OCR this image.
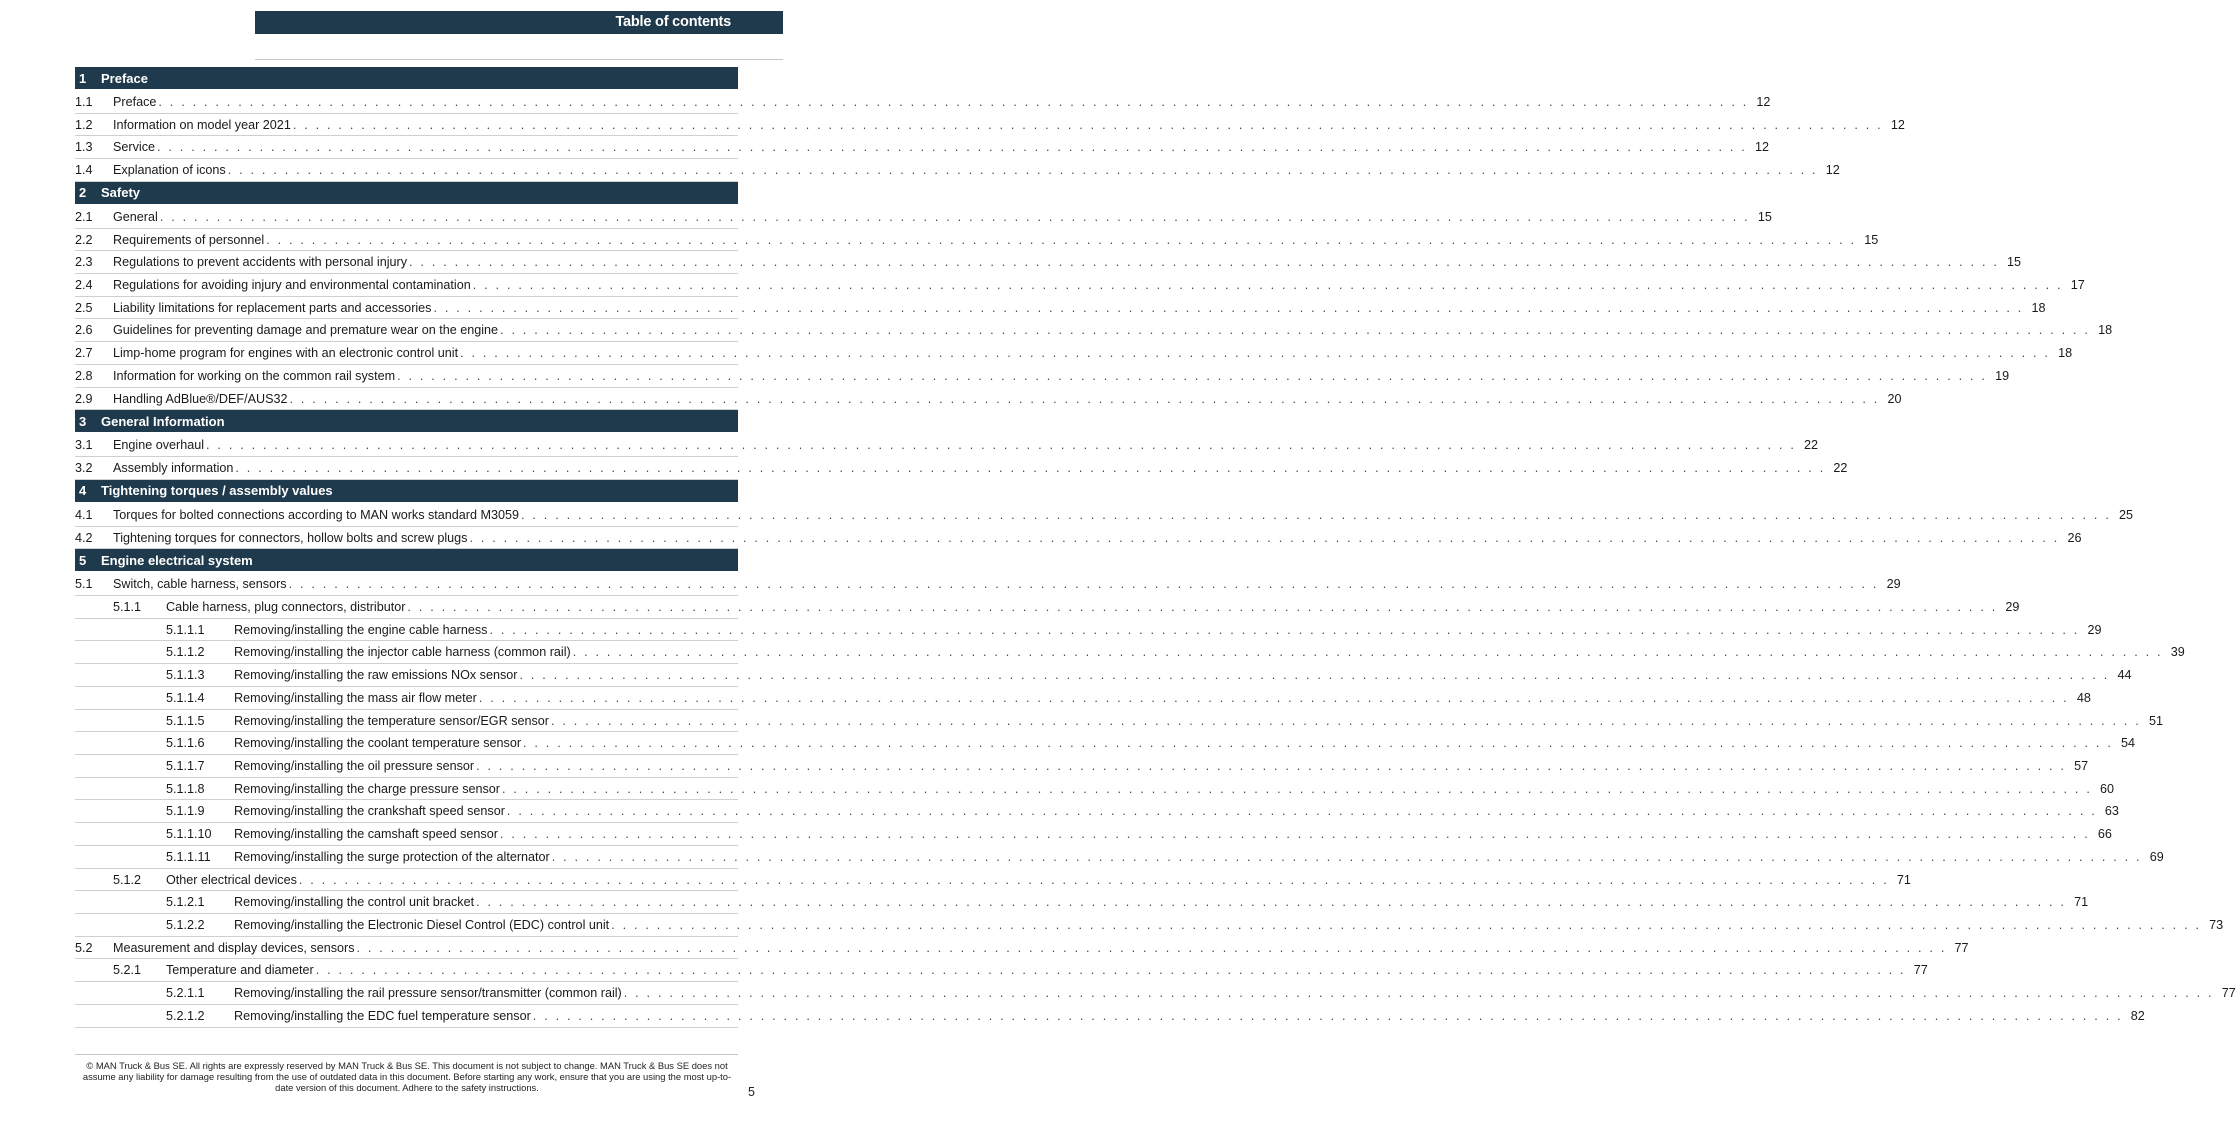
Table of contents
1	Preface
1.1 Preface . . . . . . . . . . . . . . . . . . . . . . . . . . . . . . . . . . . . . . . . . . . . . . . . . . . . . . . . . . . . . . . . . . . . . . . . . . . . . . . . . . . . . . . . . . . . . . . . . . . . . . . . . . . . . . . . . . . . . . . . . . . . . . . . . . . . . . . . . . . . 12
1.2 Information on model year 2021 . . . . . . . . . . . . . . . . . . . . . . . . . . . . . . . . . . . . . . . . . . . . . . . . . . . . . . . . . . . . . . . . . . . . . . . . . . . . . . . . . . . . . . . . . . . . . . . . . . . . . . . . . . . . . . . . . . . . . . . . . . . . . . . . . . . . . . . . . . . . 12
1.3 Service . . . . . . . . . . . . . . . . . . . . . . . . . . . . . . . . . . . . . . . . . . . . . . . . . . . . . . . . . . . . . . . . . . . . . . . . . . . . . . . . . . . . . . . . . . . . . . . . . . . . . . . . . . . . . . . . . . . . . . . . . . . . . . . . . . . . . . . . . . . . 12
1.4 Explanation of icons . . . . . . . . . . . . . . . . . . . . . . . . . . . . . . . . . . . . . . . . . . . . . . . . . . . . . . . . . . . . . . . . . . . . . . . . . . . . . . . . . . . . . . . . . . . . . . . . . . . . . . . . . . . . . . . . . . . . . . . . . . . . . . . . . . . . . . . . . . . . 12
2	Safety
2.1 General . . . . . . . . . . . . . . . . . . . . . . . . . . . . . . . . . . . . . . . . . . . . . . . . . . . . . . . . . . . . . . . . . . . . . . . . . . . . . . . . . . . . . . . . . . . . . . . . . . . . . . . . . . . . . . . . . . . . . . . . . . . . . . . . . . . . . . . . . . . . 15
2.2 Requirements of personnel . . . . . . . . . . . . . . . . . . . . . . . . . . . . . . . . . . . . . . . . . . . . . . . . . . . . . . . . . . . . . . . . . . . . . . . . . . . . . . . . . . . . . . . . . . . . . . . . . . . . . . . . . . . . . . . . . . . . . . . . . . . . . . . . . . . . . . . . . . . . 15
2.3 Regulations to prevent accidents with personal injury . . . . . . . . . . . . . . . . . . . . . . . . . . . . . . . . . . . . . . . . . . . . . . . . . . . . . . . . . . . . . . . . . . . . . . . . . . . . . . . . . . . . . . . . . . . . . . . . . . . . . . . . . . . . . . . . . . . . . . . . . . . . . . . . . . . . . . . . . . . . 15
2.4 Regulations for avoiding injury and environmental contamination . . . . . . . . . . . . . . . . . . . . . . . . . . . . . . . . . . . . . . . . . . . . . . . . . . . . . . . . . . . . . . . . . . . . . . . . . . . . . . . . . . . . . . . . . . . . . . . . . . . . . . . . . . . . . . . . . . . . . . . . . . . . . . . . . . . . . . . . . . . . 17
2.5 Liability limitations for replacement parts and accessories . . . . . . . . . . . . . . . . . . . . . . . . . . . . . . . . . . . . . . . . . . . . . . . . . . . . . . . . . . . . . . . . . . . . . . . . . . . . . . . . . . . . . . . . . . . . . . . . . . . . . . . . . . . . . . . . . . . . . . . . . . . . . . . . . . . . . . . . . . . . 18
2.6 Guidelines for preventing damage and premature wear on the engine . . . . . . . . . . . . . . . . . . . . . . . . . . . . . . . . . . . . . . . . . . . . . . . . . . . . . . . . . . . . . . . . . . . . . . . . . . . . . . . . . . . . . . . . . . . . . . . . . . . . . . . . . . . . . . . . . . . . . . . . . . . . . . . . . . . . . . . . . . . . 18
2.7 Limp-home program for engines with an electronic control unit . . . . . . . . . . . . . . . . . . . . . . . . . . . . . . . . . . . . . . . . . . . . . . . . . . . . . . . . . . . . . . . . . . . . . . . . . . . . . . . . . . . . . . . . . . . . . . . . . . . . . . . . . . . . . . . . . . . . . . . . . . . . . . . . . . . . . . . . . . . . 18
2.8 Information for working on the common rail system . . . . . . . . . . . . . . . . . . . . . . . . . . . . . . . . . . . . . . . . . . . . . . . . . . . . . . . . . . . . . . . . . . . . . . . . . . . . . . . . . . . . . . . . . . . . . . . . . . . . . . . . . . . . . . . . . . . . . . . . . . . . . . . . . . . . . . . . . . . . 19
2.9 Handling AdBlue®/DEF/AUS32 . . . . . . . . . . . . . . . . . . . . . . . . . . . . . . . . . . . . . . . . . . . . . . . . . . . . . . . . . . . . . . . . . . . . . . . . . . . . . . . . . . . . . . . . . . . . . . . . . . . . . . . . . . . . . . . . . . . . . . . . . . . . . . . . . . . . . . . . . . . . 20
3	General Information
3.1 Engine overhaul . . . . . . . . . . . . . . . . . . . . . . . . . . . . . . . . . . . . . . . . . . . . . . . . . . . . . . . . . . . . . . . . . . . . . . . . . . . . . . . . . . . . . . . . . . . . . . . . . . . . . . . . . . . . . . . . . . . . . . . . . . . . . . . . . . . . . . . . . . . . 22
3.2 Assembly information . . . . . . . . . . . . . . . . . . . . . . . . . . . . . . . . . . . . . . . . . . . . . . . . . . . . . . . . . . . . . . . . . . . . . . . . . . . . . . . . . . . . . . . . . . . . . . . . . . . . . . . . . . . . . . . . . . . . . . . . . . . . . . . . . . . . . . . . . . . . 22
4	Tightening torques / assembly values
4.1 Torques for bolted connections according to MAN works standard M3059 . . . . . . . . . . . . . . . . . . . . . . . . . . . . . . . . . . . . . . . . . . . . . . . . . . . . . . . . . . . . . . . . . . . . . . . . . . . . . . . . . . . . . . . . . . . . . . . . . . . . . . . . . . . . . . . . . . . . . . . . . . . . . . . . . . . . . . . . . . . . 25
4.2 Tightening torques for connectors, hollow bolts and screw plugs . . . . . . . . . . . . . . . . . . . . . . . . . . . . . . . . . . . . . . . . . . . . . . . . . . . . . . . . . . . . . . . . . . . . . . . . . . . . . . . . . . . . . . . . . . . . . . . . . . . . . . . . . . . . . . . . . . . . . . . . . . . . . . . . . . . . . . . . . . . . 26
5	Engine electrical system
5.1 Switch, cable harness, sensors . . . . . . . . . . . . . . . . . . . . . . . . . . . . . . . . . . . . . . . . . . . . . . . . . . . . . . . . . . . . . . . . . . . . . . . . . . . . . . . . . . . . . . . . . . . . . . . . . . . . . . . . . . . . . . . . . . . . . . . . . . . . . . . . . . . . . . . . . . . . 29
5.1.1 Cable harness, plug connectors, distributor . . . . . . . . . . . . . . . . . . . . . . . . . . . . . . . . . . . . . . . . . . . . . . . . . . . . . . . . . . . . . . . . . . . . . . . . . . . . . . . . . . . . . . . . . . . . . . . . . . . . . . . . . . . . . . . . . . . . . . . . . . . . . . . . . . . . . . . . . . . . 29
5.1.1.1 Removing/installing the engine cable harness . . . . . . . . . . . . . . . . . . . . . . . . . . . . . . . . . . . . . . . . . . . . . . . . . . . . . . . . . . . . . . . . . . . . . . . . . . . . . . . . . . . . . . . . . . . . . . . . . . . . . . . . . . . . . . . . . . . . . . . . . . . . . . . . . . . . . . . . . . . . 29
5.1.1.2 Removing/installing the injector cable harness (common rail) . . . . . . . . . . . . . . . . . . . . . . . . . . . . . . . . . . . . . . . . . . . . . . . . . . . . . . . . . . . . . . . . . . . . . . . . . . . . . . . . . . . . . . . . . . . . . . . . . . . . . . . . . . . . . . . . . . . . . . . . . . . . . . . . . . . . . . . . . . . . 39
5.1.1.3 Removing/installing the raw emissions NOx sensor . . . . . . . . . . . . . . . . . . . . . . . . . . . . . . . . . . . . . . . . . . . . . . . . . . . . . . . . . . . . . . . . . . . . . . . . . . . . . . . . . . . . . . . . . . . . . . . . . . . . . . . . . . . . . . . . . . . . . . . . . . . . . . . . . . . . . . . . . . . . 44
5.1.1.4 Removing/installing the mass air flow meter . . . . . . . . . . . . . . . . . . . . . . . . . . . . . . . . . . . . . . . . . . . . . . . . . . . . . . . . . . . . . . . . . . . . . . . . . . . . . . . . . . . . . . . . . . . . . . . . . . . . . . . . . . . . . . . . . . . . . . . . . . . . . . . . . . . . . . . . . . . . 48
5.1.1.5 Removing/installing the temperature sensor/EGR sensor . . . . . . . . . . . . . . . . . . . . . . . . . . . . . . . . . . . . . . . . . . . . . . . . . . . . . . . . . . . . . . . . . . . . . . . . . . . . . . . . . . . . . . . . . . . . . . . . . . . . . . . . . . . . . . . . . . . . . . . . . . . . . . . . . . . . . . . . . . . . 51
5.1.1.6 Removing/installing the coolant temperature sensor . . . . . . . . . . . . . . . . . . . . . . . . . . . . . . . . . . . . . . . . . . . . . . . . . . . . . . . . . . . . . . . . . . . . . . . . . . . . . . . . . . . . . . . . . . . . . . . . . . . . . . . . . . . . . . . . . . . . . . . . . . . . . . . . . . . . . . . . . . . . 54
5.1.1.7 Removing/installing the oil pressure sensor . . . . . . . . . . . . . . . . . . . . . . . . . . . . . . . . . . . . . . . . . . . . . . . . . . . . . . . . . . . . . . . . . . . . . . . . . . . . . . . . . . . . . . . . . . . . . . . . . . . . . . . . . . . . . . . . . . . . . . . . . . . . . . . . . . . . . . . . . . . . 57
5.1.1.8 Removing/installing the charge pressure sensor . . . . . . . . . . . . . . . . . . . . . . . . . . . . . . . . . . . . . . . . . . . . . . . . . . . . . . . . . . . . . . . . . . . . . . . . . . . . . . . . . . . . . . . . . . . . . . . . . . . . . . . . . . . . . . . . . . . . . . . . . . . . . . . . . . . . . . . . . . . . 60
5.1.1.9 Removing/installing the crankshaft speed sensor . . . . . . . . . . . . . . . . . . . . . . . . . . . . . . . . . . . . . . . . . . . . . . . . . . . . . . . . . . . . . . . . . . . . . . . . . . . . . . . . . . . . . . . . . . . . . . . . . . . . . . . . . . . . . . . . . . . . . . . . . . . . . . . . . . . . . . . . . . . . 63
5.1.1.10 Removing/installing the camshaft speed sensor . . . . . . . . . . . . . . . . . . . . . . . . . . . . . . . . . . . . . . . . . . . . . . . . . . . . . . . . . . . . . . . . . . . . . . . . . . . . . . . . . . . . . . . . . . . . . . . . . . . . . . . . . . . . . . . . . . . . . . . . . . . . . . . . . . . . . . . . . . . . 66
5.1.1.11 Removing/installing the surge protection of the alternator . . . . . . . . . . . . . . . . . . . . . . . . . . . . . . . . . . . . . . . . . . . . . . . . . . . . . . . . . . . . . . . . . . . . . . . . . . . . . . . . . . . . . . . . . . . . . . . . . . . . . . . . . . . . . . . . . . . . . . . . . . . . . . . . . . . . . . . . . . . . 69
5.1.2 Other electrical devices . . . . . . . . . . . . . . . . . . . . . . . . . . . . . . . . . . . . . . . . . . . . . . . . . . . . . . . . . . . . . . . . . . . . . . . . . . . . . . . . . . . . . . . . . . . . . . . . . . . . . . . . . . . . . . . . . . . . . . . . . . . . . . . . . . . . . . . . . . . . 71
5.1.2.1 Removing/installing the control unit bracket . . . . . . . . . . . . . . . . . . . . . . . . . . . . . . . . . . . . . . . . . . . . . . . . . . . . . . . . . . . . . . . . . . . . . . . . . . . . . . . . . . . . . . . . . . . . . . . . . . . . . . . . . . . . . . . . . . . . . . . . . . . . . . . . . . . . . . . . . . . . 71
5.1.2.2 Removing/installing the Electronic Diesel Control (EDC) control unit . . . . . . . . . . . . . . . . . . . . . . . . . . . . . . . . . . . . . . . . . . . . . . . . . . . . . . . . . . . . . . . . . . . . . . . . . . . . . . . . . . . . . . . . . . . . . . . . . . . . . . . . . . . . . . . . . . . . . . . . . . . . . . . . . . . . . . . . . . . . 73
5.2 Measurement and display devices, sensors . . . . . . . . . . . . . . . . . . . . . . . . . . . . . . . . . . . . . . . . . . . . . . . . . . . . . . . . . . . . . . . . . . . . . . . . . . . . . . . . . . . . . . . . . . . . . . . . . . . . . . . . . . . . . . . . . . . . . . . . . . . . . . . . . . . . . . . . . . . . 77
5.2.1 Temperature and diameter . . . . . . . . . . . . . . . . . . . . . . . . . . . . . . . . . . . . . . . . . . . . . . . . . . . . . . . . . . . . . . . . . . . . . . . . . . . . . . . . . . . . . . . . . . . . . . . . . . . . . . . . . . . . . . . . . . . . . . . . . . . . . . . . . . . . . . . . . . . . 77
5.2.1.1 Removing/installing the rail pressure sensor/transmitter (common rail) . . . . . . . . . . . . . . . . . . . . . . . . . . . . . . . . . . . . . . . . . . . . . . . . . . . . . . . . . . . . . . . . . . . . . . . . . . . . . . . . . . . . . . . . . . . . . . . . . . . . . . . . . . . . . . . . . . . . . . . . . . . . . . . . . . . . . . . . . . . . 77
5.2.1.2 Removing/installing the EDC fuel temperature sensor . . . . . . . . . . . . . . . . . . . . . . . . . . . . . . . . . . . . . . . . . . . . . . . . . . . . . . . . . . . . . . . . . . . . . . . . . . . . . . . . . . . . . . . . . . . . . . . . . . . . . . . . . . . . . . . . . . . . . . . . . . . . . . . . . . . . . . . . . . . . 82
© MAN Truck & Bus SE. All rights are expressly reserved by MAN Truck & Bus SE. This document is not subject to change. MAN Truck & Bus SE does not assume any liability for damage resulting from the use of outdated data in this document. Before starting any work, ensure that you are using the most up-to-date version of this document. Adhere to the safety instructions.	5
